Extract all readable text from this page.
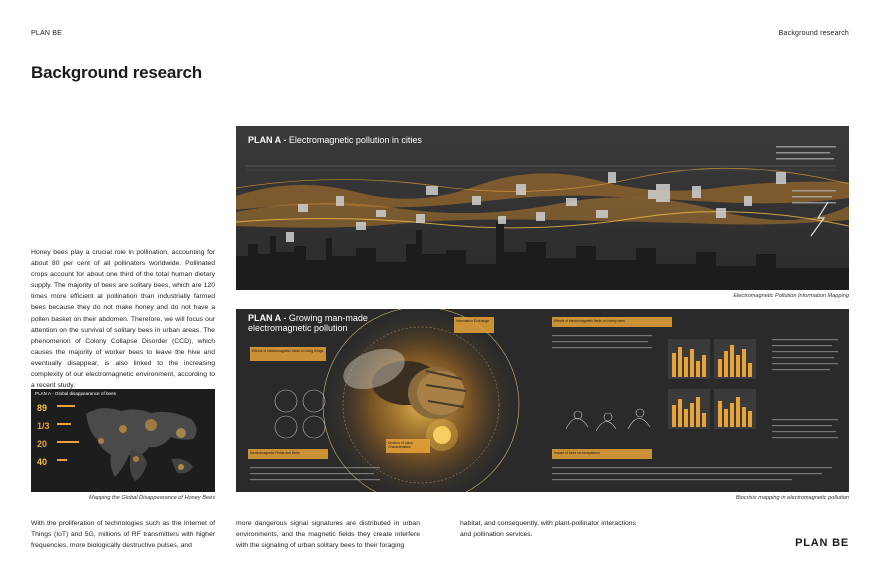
PLAN BE	Background research
Background research
Honey bees play a crucial role in pollination, accounting for about 80 per cent of all pollinators worldwide. Pollinated crops account for about one third of the total human dietary supply. The majority of bees are solitary bees, which are 120 times more efficient at pollination than industrially farmed bees because they do not make honey and do not have a pollen basket on their abdomen. Therefore, we will focus our attention on the survival of solitary bees in urban areas. The phenomenon of Colony Collapse Disorder (CCD), which causes the majority of worker bees to leave the hive and eventually disappear, is also linked to the increasing complexity of our electromagnetic environment, according to a recent study.
89
1/3
20
40
PLAN A - Global disappearance of bees
Mapping the Global Disappearance of Honey Bees
PLAN A - Electromagnetic pollution in cities
Electromagnetic Pollution Information Mapping
PLAN A - Growing man-made electromagnetic pollution
Effects of electromagnetic fields on living things
Information Exchange
Division of Labor Characteristics
Electromagnetic Fields and Bees
Effects of electromagnetic fields on honey bees
Impact of bees on ecosystems
Biocrisis mapping in electromagnetic pollution
With the proliferation of technologies such as the Internet of Things (IoT) and 5G, millions of RF transmitters with higher frequencies, more biologically destructive pulses, and
more dangerous signal signatures are distributed in urban environments, and the magnetic fields they create interfere with the signaling of urban solitary bees to their foraging
habitat, and consequently, with plant-pollinator interactions and pollination services.
PLAN BE
